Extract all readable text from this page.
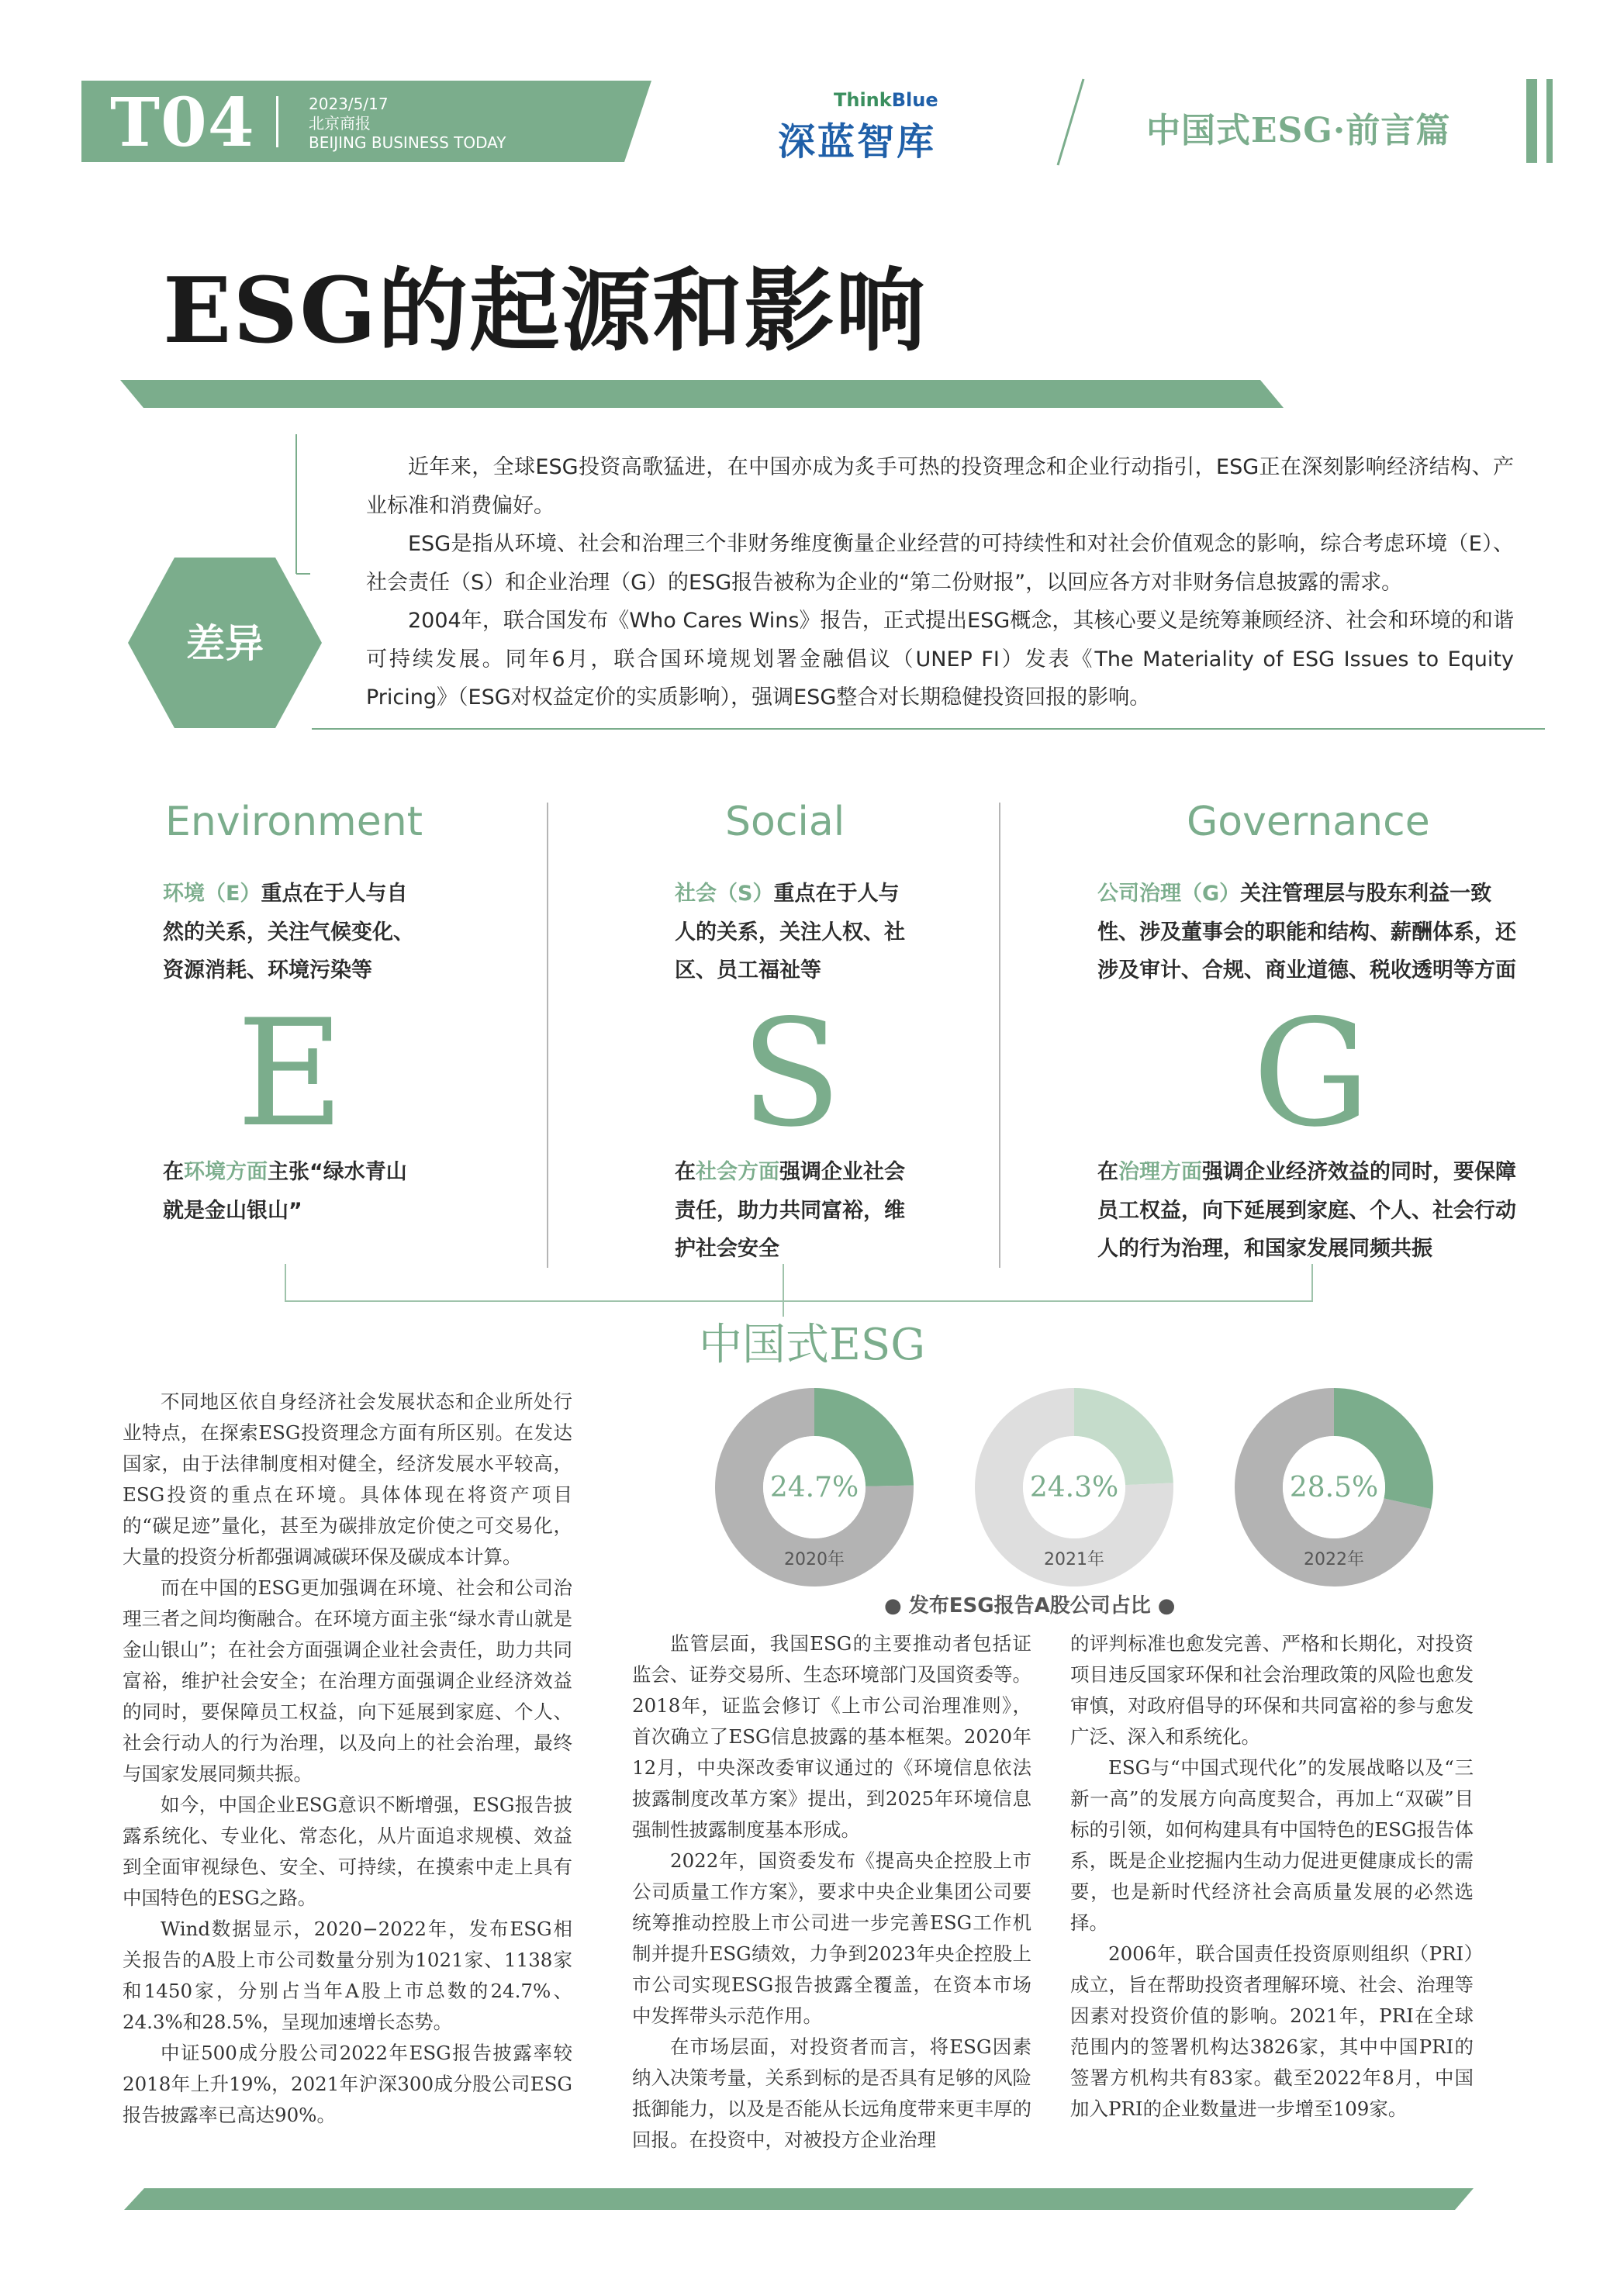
T04	2023/5/17
北京商报
BEIJING BUSINESS TODAY
ThinkBlue
深蓝智库	中国式ESG·前言篇
ESG的起源和影响
差异

近年来，全球ESG投资高歌猛进，在中国亦成为炙手可热的投资理念和企业行动指引，ESG正在深刻影响经济结构、产业标准和消费偏好。

ESG是指从环境、社会和治理三个非财务维度衡量企业经营的可持续性和对社会价值观念的影响，综合考虑环境（E）、社会责任（S）和企业治理（G）的ESG报告被称为企业的“第二份财报”，以回应各方对非财务信息披露的需求。

2004年，联合国发布《Who Cares Wins》报告，正式提出ESG概念，其核心要义是统筹兼顾经济、社会和环境的和谐可持续发展。同年6月，联合国环境规划署金融倡议（UNEP FI）发表《The Materiality of ESG Issues to Equity Pricing》（ESG对权益定价的实质影响），强调ESG整合对长期稳健投资回报的影响。

Environment
环境（E）重点在于人与自然的关系，关注气候变化、资源消耗、环境污染等
E
在环境方面主张“绿水青山就是金山银山”
Social
社会（S）重点在于人与人的关系，关注人权、社区、员工福祉等
S
在社会方面强调企业社会责任，助力共同富裕，维护社会安全
Governance
公司治理（G）关注管理层与股东利益一致性、涉及董事会的职能和结构、薪酬体系，还涉及审计、合规、商业道德、税收透明等方面
G
在治理方面强调企业经济效益的同时，要保障员工权益，向下延展到家庭、个人、社会行动人的行为治理，和国家发展同频共振
中国式ESG
24.7%
2020年
24.3%
2021年
28.5%
2022年
● 发布ESG报告A股公司占比 ●

不同地区依自身经济社会发展状态和企业所处行业特点，在探索ESG投资理念方面有所区别。在发达国家，由于法律制度相对健全，经济发展水平较高，ESG投资的重点在环境。具体体现在将资产项目的“碳足迹”量化，甚至为碳排放定价使之可交易化，大量的投资分析都强调减碳环保及碳成本计算。

而在中国的ESG更加强调在环境、社会和公司治理三者之间均衡融合。在环境方面主张“绿水青山就是金山银山”；在社会方面强调企业社会责任，助力共同富裕，维护社会安全；在治理方面强调企业经济效益的同时，要保障员工权益，向下延展到家庭、个人、社会行动人的行为治理，以及向上的社会治理，最终与国家发展同频共振。

如今，中国企业ESG意识不断增强，ESG报告披露系统化、专业化、常态化，从片面追求规模、效益到全面审视绿色、安全、可持续，在摸索中走上具有中国特色的ESG之路。

Wind数据显示，2020−2022年，发布ESG相关报告的A股上市公司数量分别为1021家、1138家和1450家，分别占当年A股上市总数的24.7%、24.3%和28.5%，呈现加速增长态势。

中证500成分股公司2022年ESG报告披露率较2018年上升19%，2021年沪深300成分股公司ESG报告披露率已高达90%。

监管层面，我国ESG的主要推动者包括证监会、证券交易所、生态环境部门及国资委等。2018年，证监会修订《上市公司治理准则》，首次确立了ESG信息披露的基本框架。2020年12月，中央深改委审议通过的《环境信息依法披露制度改革方案》提出，到2025年环境信息强制性披露制度基本形成。

2022年，国资委发布《提高央企控股上市公司质量工作方案》，要求中央企业集团公司要统筹推动控股上市公司进一步完善ESG工作机制并提升ESG绩效，力争到2023年央企控股上市公司实现ESG报告披露全覆盖，在资本市场中发挥带头示范作用。

在市场层面，对投资者而言，将ESG因素纳入决策考量，关系到标的是否具有足够的风险抵御能力，以及是否能从长远角度带来更丰厚的回报。在投资中，对被投方企业治理

的评判标准也愈发完善、严格和长期化，对投资项目违反国家环保和社会治理政策的风险也愈发审慎，对政府倡导的环保和共同富裕的参与愈发广泛、深入和系统化。

ESG与“中国式现代化”的发展战略以及“三新一高”的发展方向高度契合，再加上“双碳”目标的引领，如何构建具有中国特色的ESG报告体系，既是企业挖掘内生动力促进更健康成长的需要，也是新时代经济社会高质量发展的必然选择。

2006年，联合国责任投资原则组织（PRI）成立，旨在帮助投资者理解环境、社会、治理等因素对投资价值的影响。2021年，PRI在全球范围内的签署机构达3826家，其中中国PRI的签署方机构共有83家。截至2022年8月，中国加入PRI的企业数量进一步增至109家。
